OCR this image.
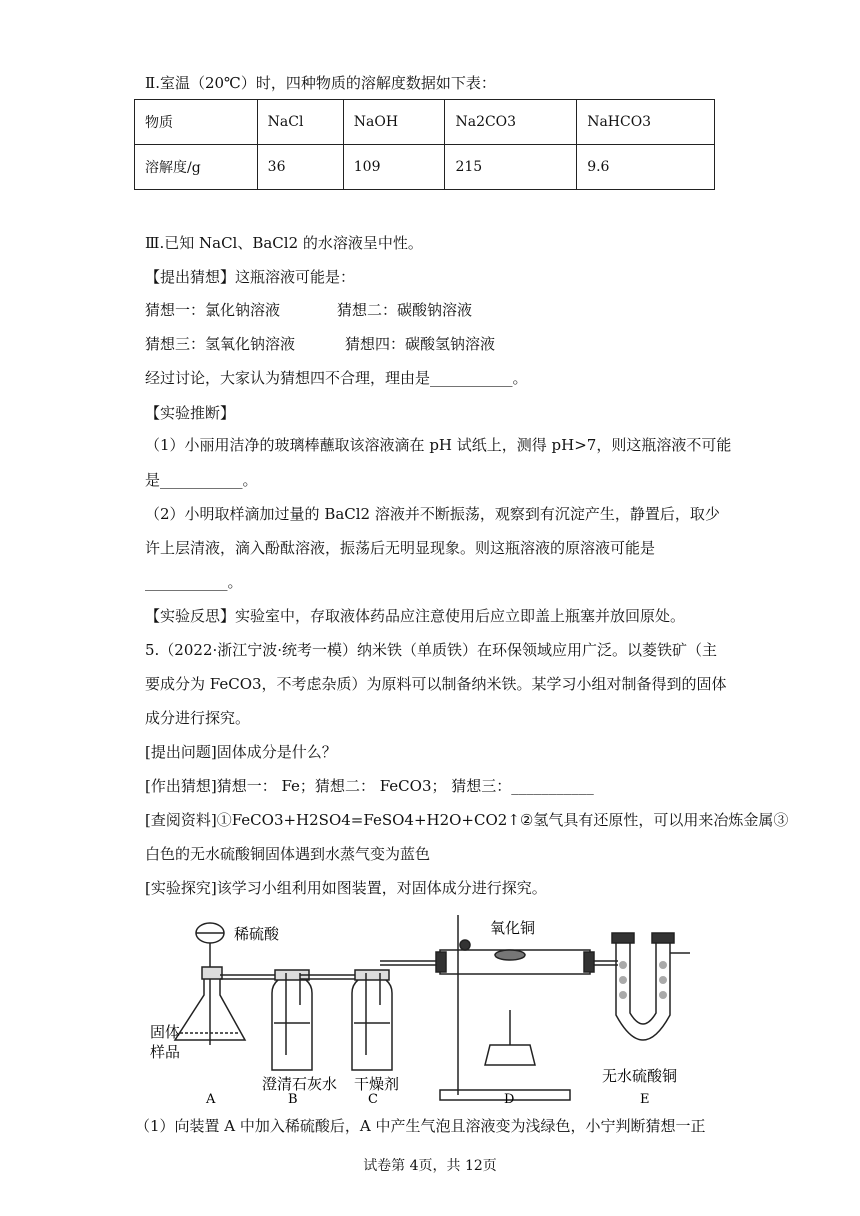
Ⅱ.室温（20℃）时，四种物质的溶解度数据如下表：
物质	NaCl	NaOH	Na2CO3	NaHCO3
溶解度/g	36	109	215	9.6
Ⅲ.已知 NaCl、BaCl2 的水溶液呈中性。
【提出猜想】这瓶溶液可能是：
猜想一：氯化钠溶液	猜想二：碳酸钠溶液
猜想三：氢氧化钠溶液	猜想四：碳酸氢钠溶液
经过讨论，大家认为猜想四不合理，理由是___________。
【实验推断】
（1）小丽用洁净的玻璃棒蘸取该溶液滴在 pH 试纸上，测得 pH>7，则这瓶溶液不可能
是___________。
（2）小明取样滴加过量的 BaCl2 溶液并不断振荡，观察到有沉淀产生，静置后，取少
许上层清液，滴入酚酞溶液，振荡后无明显现象。则这瓶溶液的原溶液可能是
___________。
【实验反思】实验室中，存取液体药品应注意使用后应立即盖上瓶塞并放回原处。
5.（2022·浙江宁波·统考一模）纳米铁（单质铁）在环保领域应用广泛。以菱铁矿（主
要成分为 FeCO3，不考虑杂质）为原料可以制备纳米铁。某学习小组对制备得到的固体
成分进行探究。
[提出问题]固体成分是什么？
[作出猜想]猜想一： Fe；猜想二： FeCO3； 猜想三：___________
[查阅资料]①FeCO3+H2SO4=FeSO4+H2O+CO2↑②氢气具有还原性，可以用来冶炼金属③
白色的无水硫酸铜固体遇到水蒸气变为蓝色
[实验探究]该学习小组利用如图装置，对固体成分进行探究。
稀硫酸	氧化铜
固体
样品
澄清石灰水 干燥剂	无水硫酸铜
A	B	C	D	E
（1）向装置 A 中加入稀硫酸后，A 中产生气泡且溶液变为浅绿色，小宁判断猜想一正
试卷第 4页，共 12页
